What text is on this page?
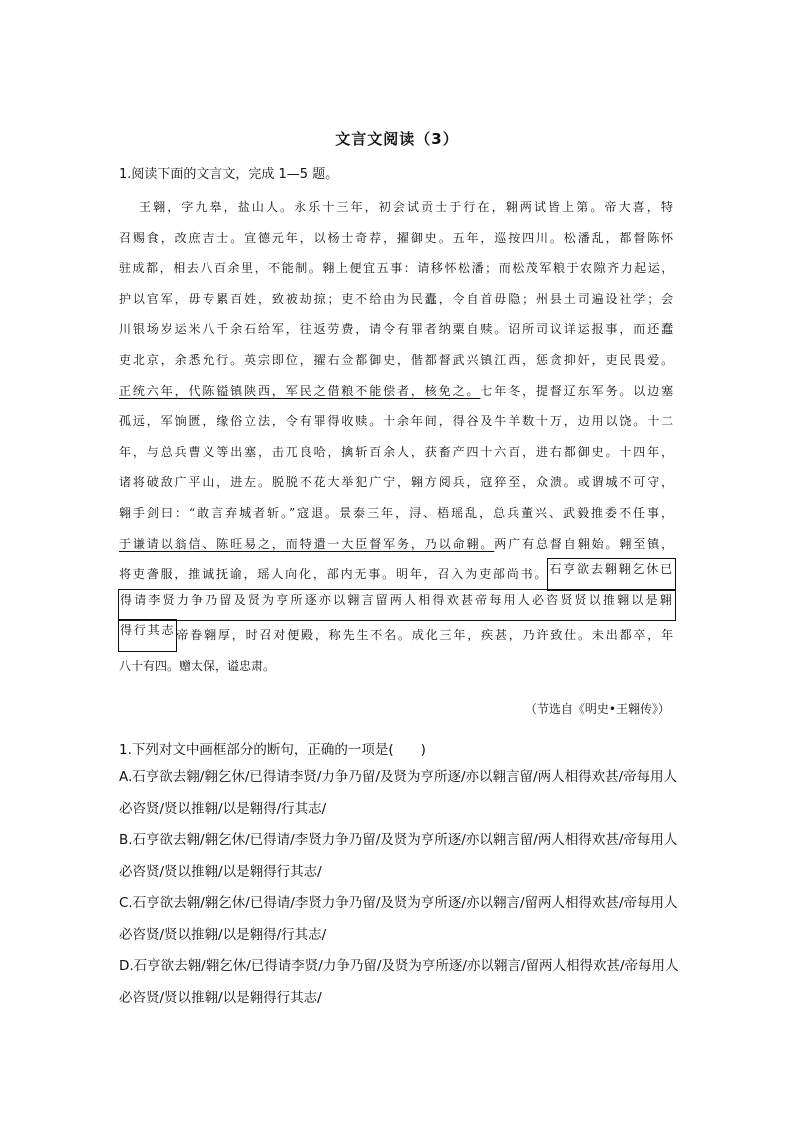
文言文阅读（3）
1.阅读下面的文言文，完成 1—5 题。
王翱，字九皋，盐山人。永乐十三年，初会试贡士于行在，翱两试皆上第。帝大喜，特
召赐食，改庶吉士。宣德元年，以杨士奇荐，擢御史。五年，巡按四川。松潘乱，都督陈怀
驻成都，相去八百余里，不能制。翱上便宜五事：请移怀松潘；而松茂军粮于农隙齐力起运，
护以官军，毋专累百姓，致被劫掠；吏不给由为民蠹，令自首毋隐；州县土司遍设社学；会
川银场岁运米八千余石给军，往返劳费，请令有罪者纳粟自赎。诏所司议详运报事，而还蠢
吏北京，余悉允行。英宗即位，擢右佥都御史，偕都督武兴镇江西，惩贪抑奸，吏民畏爱。
正统六年，代陈镒镇陕西，军民之借粮不能偿者，核免之。 七年冬，提督辽东军务。以边塞
孤远，军饷匮，缘俗立法，令有罪得收赎。十余年间，得谷及牛羊数十万，边用以饶。十二
年，与总兵曹义等出塞，击兀良哈，擒斩百余人，获畜产四十六百，进右都御史。十四年，
诸将破敌广平山，进左。脱脱不花大举犯广宁，翱方阅兵，寇猝至，众溃。或谓城不可守，
翱手剑曰：“敢言弃城者斩。”寇退。景泰三年，浔、梧瑶乱，总兵董兴、武毅推委不任事，
于谦请以翁信、陈旺易之，而特遣一大臣督军务，乃以命翱。 两广有总督自翱始。翱至镇，
将吏詟服，推诚抚谕，瑶人向化，部内无事。明年，召入为吏部尚书。 石亨欲去翱翱乞休已
得请李贤力争乃留及贤为亨所逐亦以翱言留两人相得欢甚帝每用人必咨贤贤以推翱以是翱
得行其志 帝眷翱厚，时召对便殿，称先生不名。成化三年，疾甚，乃许致仕。未出都卒，年
八十有四。赠太保，谥忠肃。
（节选自《明史•王翱传》）
1.下列对文中画框部分的断句，正确的一项是(　　)
A.石亨欲去翱/翱乞休/已得请李贤/力争乃留/及贤为亨所逐/亦以翱言留/两人相得欢甚/帝每用人必咨贤/贤以推翱/以是翱得/行其志/
B.石亨欲去翱/翱乞休/已得请/李贤力争乃留/及贤为亨所逐/亦以翱言留/两人相得欢甚/帝每用人必咨贤/贤以推翱/以是翱得行其志/
C.石亨欲去翱/翱乞休/已得请/李贤力争乃留/及贤为亨所逐/亦以翱言/留两人相得欢甚/帝每用人必咨贤/贤以推翱/以是翱得/行其志/
D.石亨欲去翱/翱乞休/已得请李贤/力争乃留/及贤为亨所逐/亦以翱言/留两人相得欢甚/帝每用人必咨贤/贤以推翱/以是翱得行其志/
